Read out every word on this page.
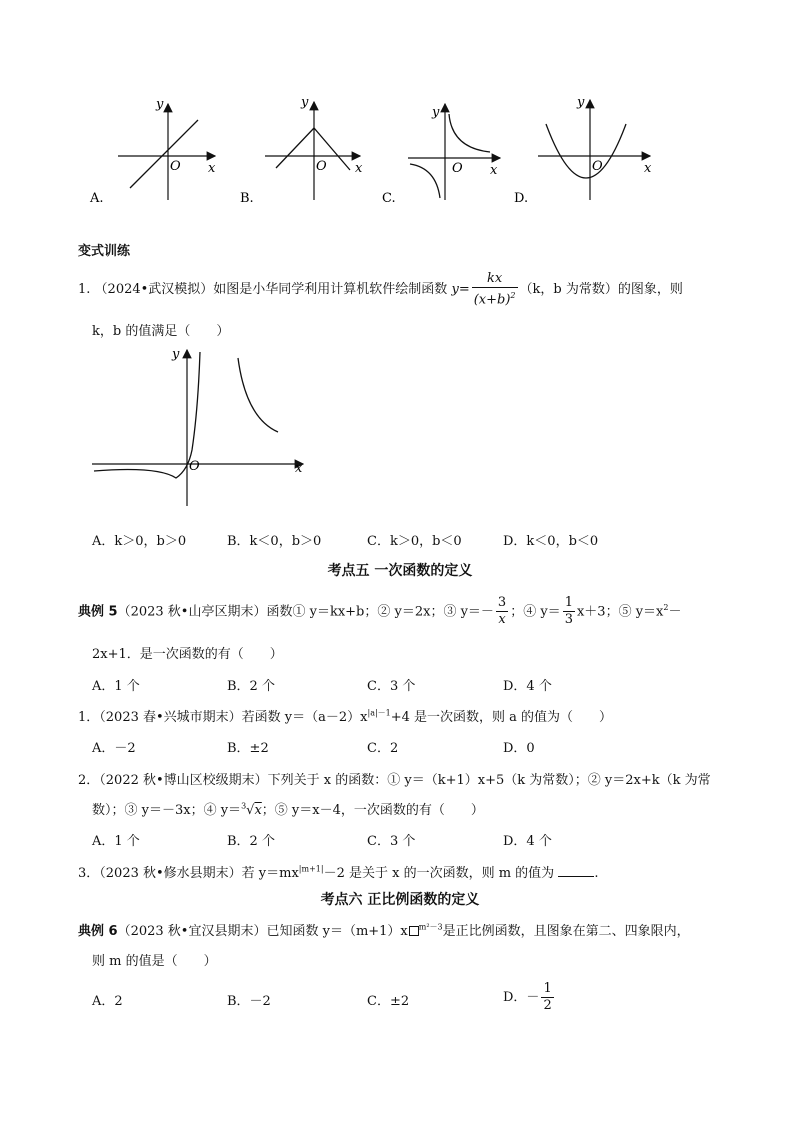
y
x
O
A.
y
x
O
B.
y
x
O
C.
y
x
O
D.
变式训练
1. （2024•武汉模拟）如图是小华同学利用计算机软件绘制函数 $y= \frac{kx}{(x+b)^2} (k$，b 为常数）的图象，则
k，b 的值满足（　　）
y
x
O
A．k＞0，b＞0	B．k＜0，b＞0	C．k＞0，b＜0	D．k＜0，b＜0
考点五 一次函数的定义
典例 5（2023 秋•山亭区期末）函数① y＝kx+b；② y＝2x；③ $y=- \frac{3}{x}$ ；④ $y= \frac{1}{3} x+3$；⑤ $y=x^2-$
2x+1．是一次函数的有（　　）
A．1 个	B．2 个	C．3 个	D．4 个
1．（2023 春•兴城市期末）若函数 $y=(a-2)x^{|a|-1}+4$ 是一次函数，则 a 的值为（　　）
A．－2	B．±2	C．2	D．0
2．（2022 秋•博山区校级期末）下列关于 x 的函数：① y＝（k+1）x+5（k 为常数）；② y＝2x+k（k 为常
数）；③ y＝－3x；④ y＝$^3$√x；⑤ y＝x－4，一次函数的有（　　）
A．1 个	B．2 个	C．3 个	D．4 个
3．（2023 秋•修水县期末）若 $y=mx^{|m+1|}-2$ 是关于 x 的一次函数，则 m 的值为	.
考点六 正比例函数的定义
典例 6（2023 秋•宜汉县期末）已知函数 y＝（m+1）x $^{m^2-3}$是正比例函数，且图象在第二、四象限内，
则 m 的值是（　　）
A．2	B．－2	C．±2	D．－ $\frac{1}{2}$
